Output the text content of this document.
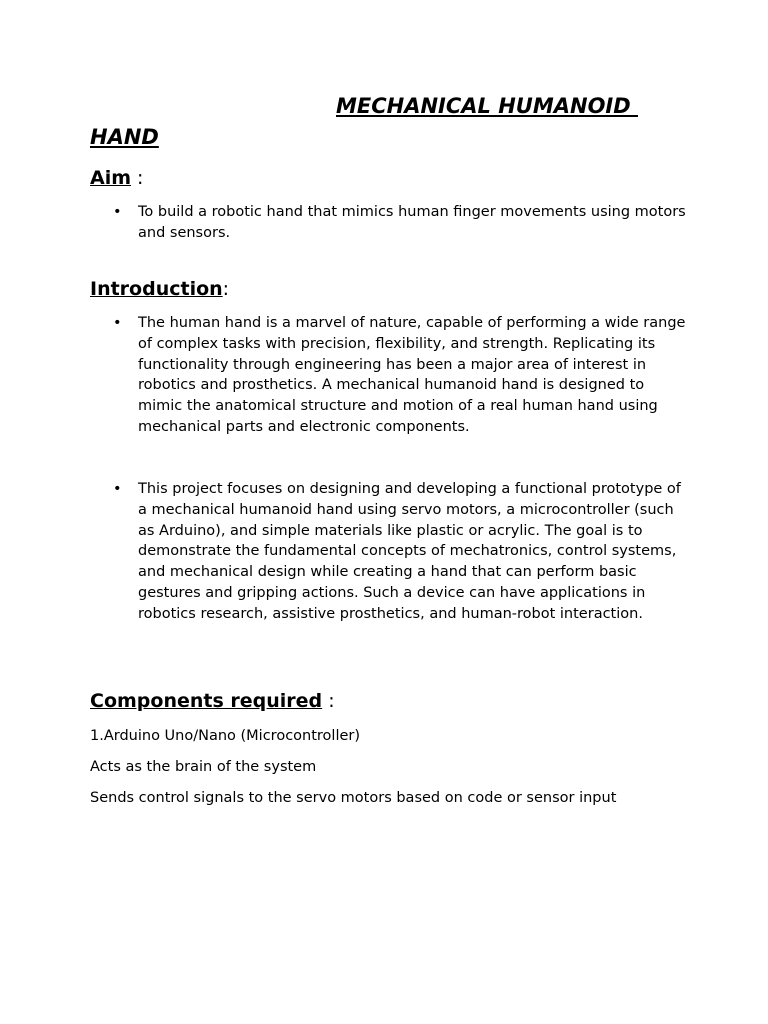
MECHANICAL HUMANOID
HAND
Aim :
• To build a robotic hand that mimics human finger movements using motors and sensors.
Introduction:
• The human hand is a marvel of nature, capable of performing a wide range of complex tasks with precision, flexibility, and strength. Replicating its functionality through engineering has been a major area of interest in robotics and prosthetics. A mechanical humanoid hand is designed to mimic the anatomical structure and motion of a real human hand using mechanical parts and electronic components.
• This project focuses on designing and developing a functional prototype of a mechanical humanoid hand using servo motors, a microcontroller (such as Arduino), and simple materials like plastic or acrylic. The goal is to demonstrate the fundamental concepts of mechatronics, control systems, and mechanical design while creating a hand that can perform basic gestures and gripping actions. Such a device can have applications in robotics research, assistive prosthetics, and human-robot interaction.
Components required :
1.Arduino Uno/Nano (Microcontroller)
Acts as the brain of the system
Sends control signals to the servo motors based on code or sensor input
